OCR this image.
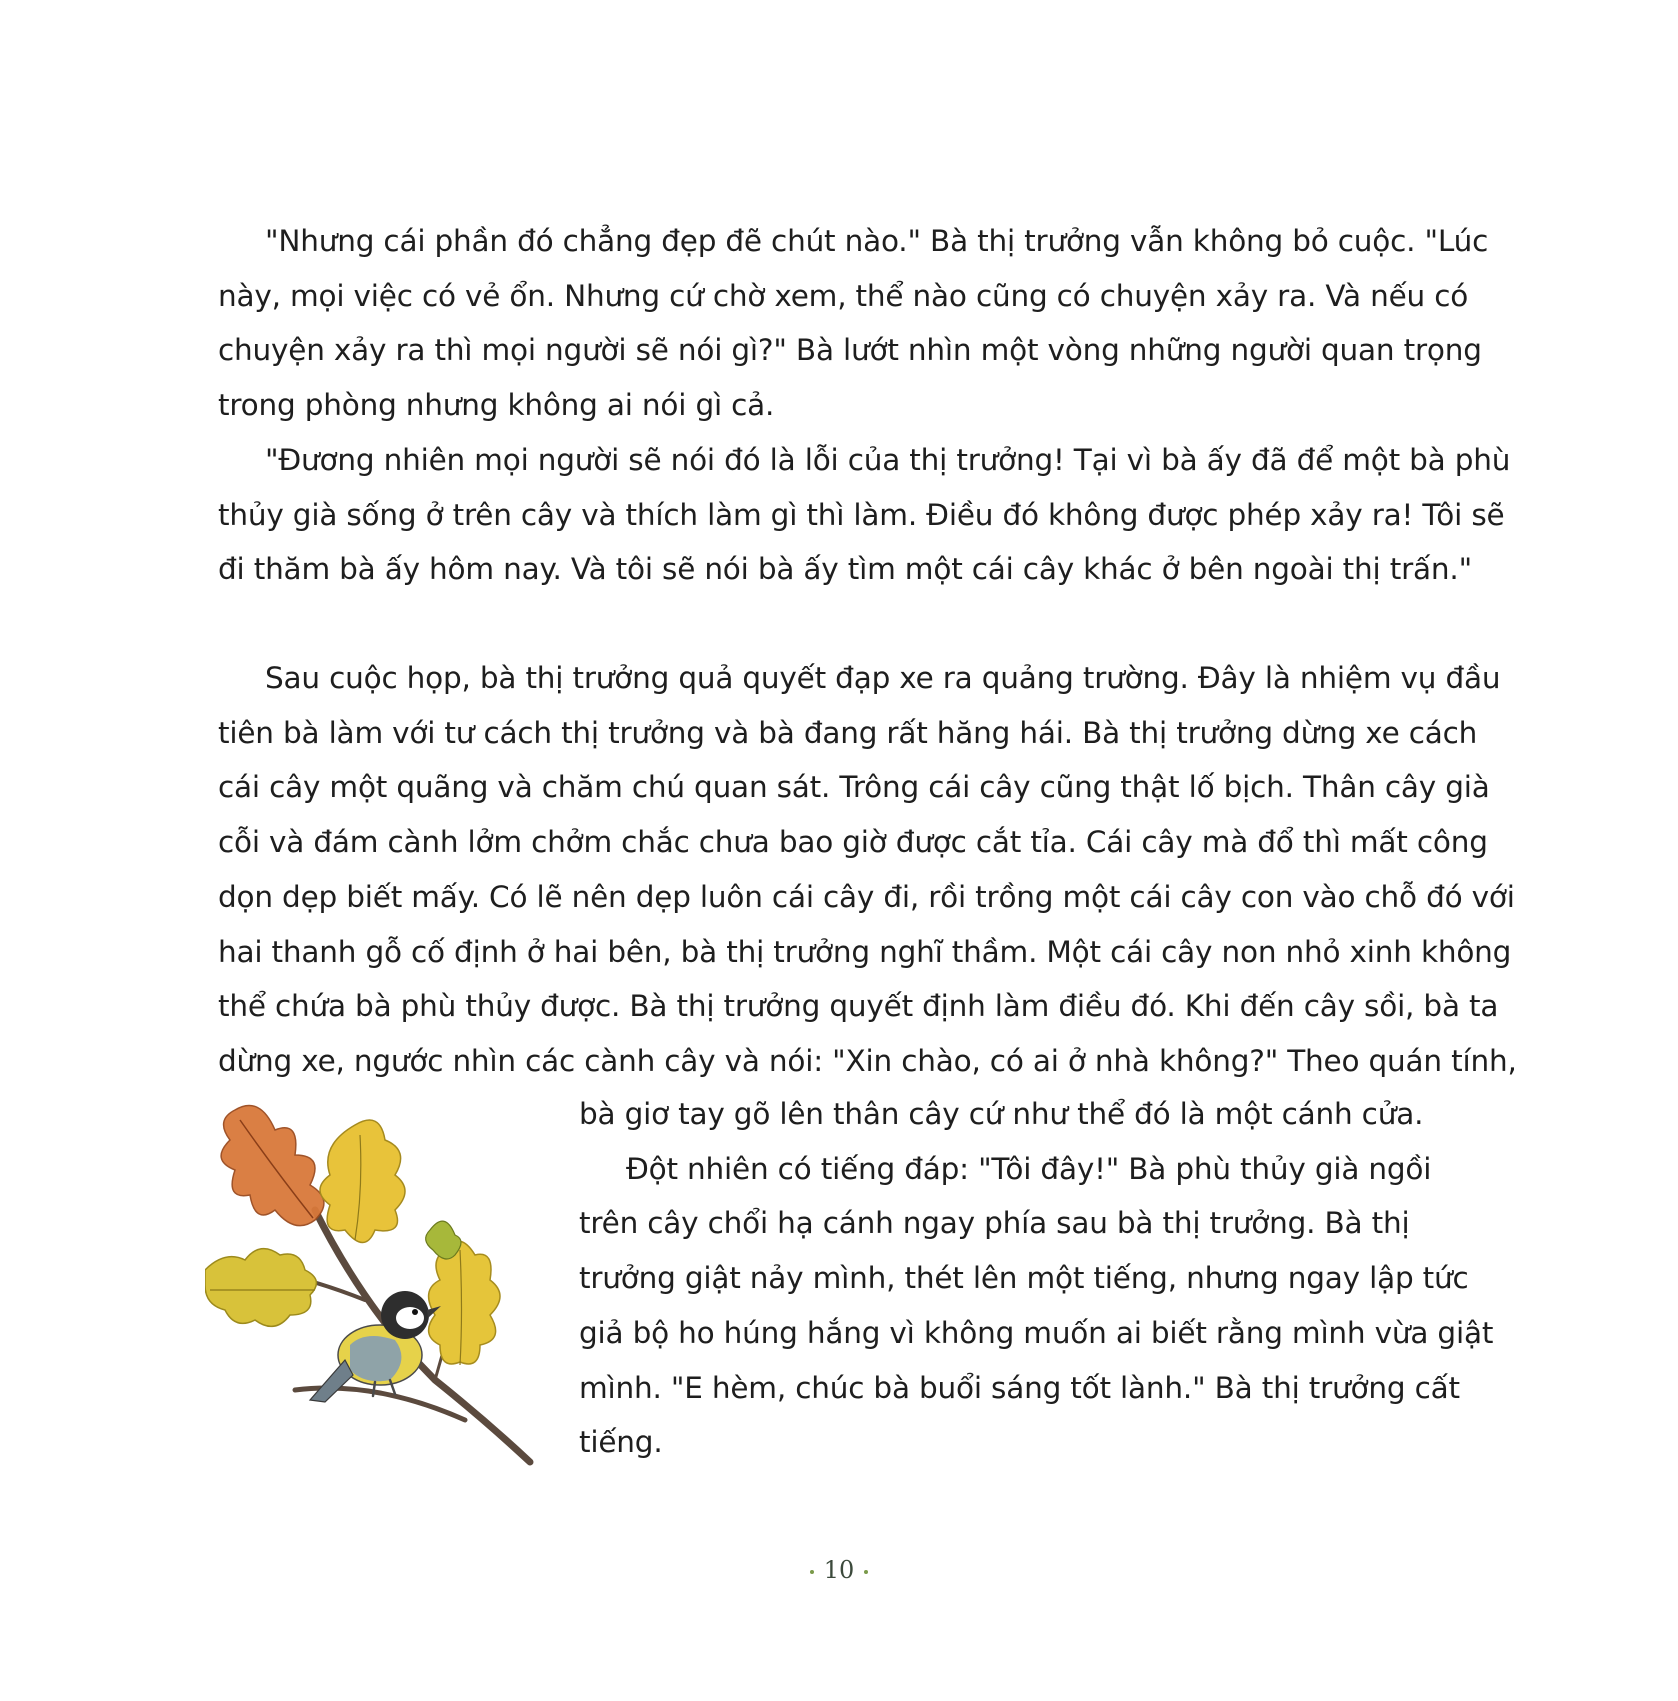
"Nhưng cái phần đó chẳng đẹp đẽ chút nào." Bà thị trưởng vẫn không bỏ cuộc. "Lúc
này, mọi việc có vẻ ổn. Nhưng cứ chờ xem, thể nào cũng có chuyện xảy ra. Và nếu có
chuyện xảy ra thì mọi người sẽ nói gì?" Bà lướt nhìn một vòng những người quan trọng
trong phòng nhưng không ai nói gì cả.
"Đương nhiên mọi người sẽ nói đó là lỗi của thị trưởng! Tại vì bà ấy đã để một bà phù
thủy già sống ở trên cây và thích làm gì thì làm. Điều đó không được phép xảy ra! Tôi sẽ
đi thăm bà ấy hôm nay. Và tôi sẽ nói bà ấy tìm một cái cây khác ở bên ngoài thị trấn."
Sau cuộc họp, bà thị trưởng quả quyết đạp xe ra quảng trường. Đây là nhiệm vụ đầu
tiên bà làm với tư cách thị trưởng và bà đang rất hăng hái. Bà thị trưởng dừng xe cách
cái cây một quãng và chăm chú quan sát. Trông cái cây cũng thật lố bịch. Thân cây già
cỗi và đám cành lởm chởm chắc chưa bao giờ được cắt tỉa. Cái cây mà đổ thì mất công
dọn dẹp biết mấy. Có lẽ nên dẹp luôn cái cây đi, rồi trồng một cái cây con vào chỗ đó với
hai thanh gỗ cố định ở hai bên, bà thị trưởng nghĩ thầm. Một cái cây non nhỏ xinh không
thể chứa bà phù thủy được. Bà thị trưởng quyết định làm điều đó. Khi đến cây sồi, bà ta
dừng xe, ngước nhìn các cành cây và nói: "Xin chào, có ai ở nhà không?" Theo quán tính,
bà giơ tay gõ lên thân cây cứ như thể đó là một cánh cửa.
Đột nhiên có tiếng đáp: "Tôi đây!" Bà phù thủy già ngồi
trên cây chổi hạ cánh ngay phía sau bà thị trưởng. Bà thị
trưởng giật nảy mình, thét lên một tiếng, nhưng ngay lập tức
giả bộ ho húng hắng vì không muốn ai biết rằng mình vừa giật
mình. "E hèm, chúc bà buổi sáng tốt lành." Bà thị trưởng cất
tiếng.
10
